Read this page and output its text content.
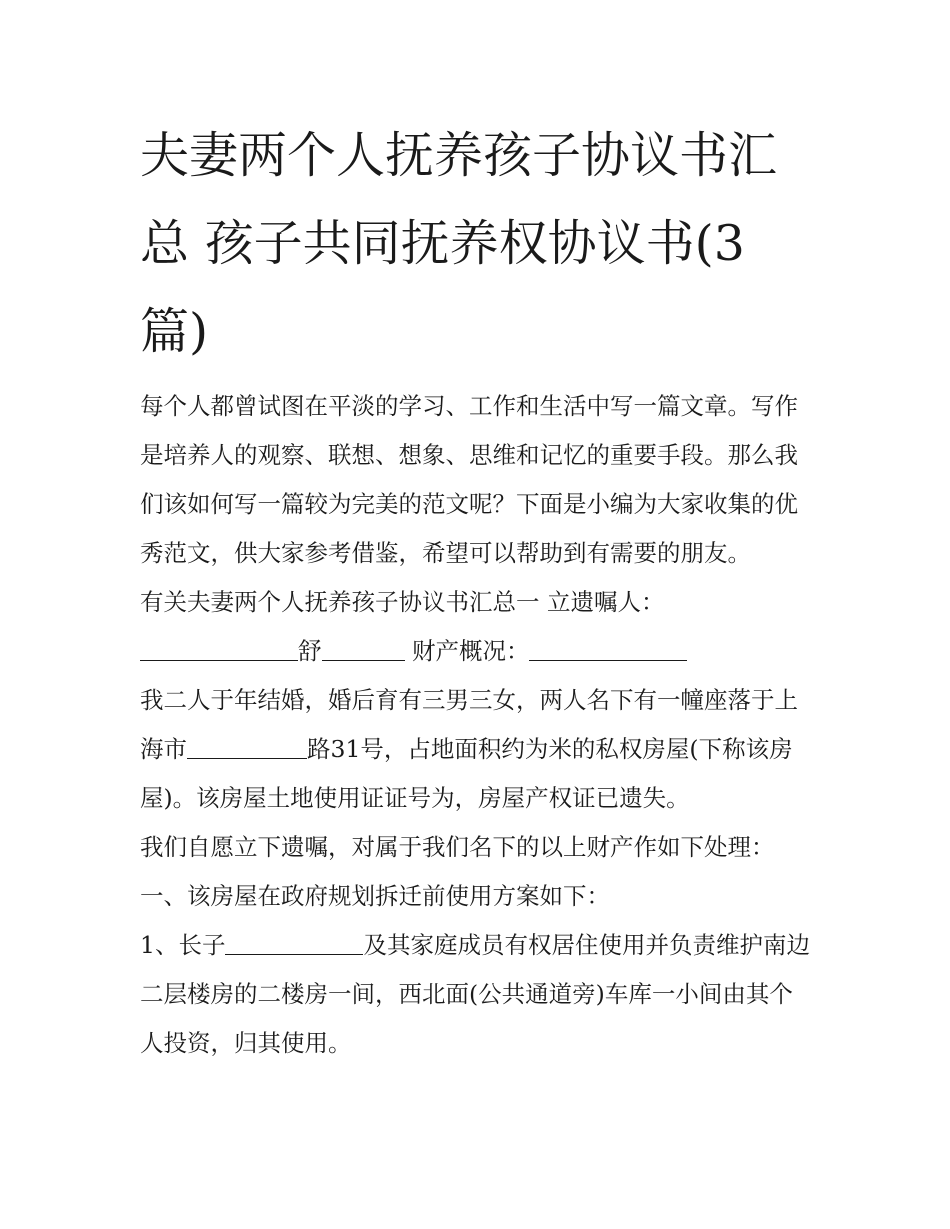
夫妻两个人抚养孩子协议书汇
总 孩子共同抚养权协议书(3
篇)

每个人都曾试图在平淡的学习、工作和生活中写一篇文章。写作是培养人的观察、联想、想象、思维和记忆的重要手段。那么我们该如何写一篇较为完美的范文呢？下面是小编为大家收集的优秀范文，供大家参考借鉴，希望可以帮助到有需要的朋友。

有关夫妻两个人抚养孩子协议书汇总一 立遗嘱人：

舒	财产概况：

我二人于年结婚，婚后育有三男三女，两人名下有一幢座落于上海市	路31号，占地面积约为米的私权房屋(下称该房屋)。该房屋土地使用证证号为，房屋产权证已遗失。

我们自愿立下遗嘱，对属于我们名下的以上财产作如下处理：

一、该房屋在政府规划拆迁前使用方案如下：

1、长子	及其家庭成员有权居住使用并负责维护南边二层楼房的二楼房一间，西北面(公共通道旁)车库一小间由其个人投资，归其使用。
